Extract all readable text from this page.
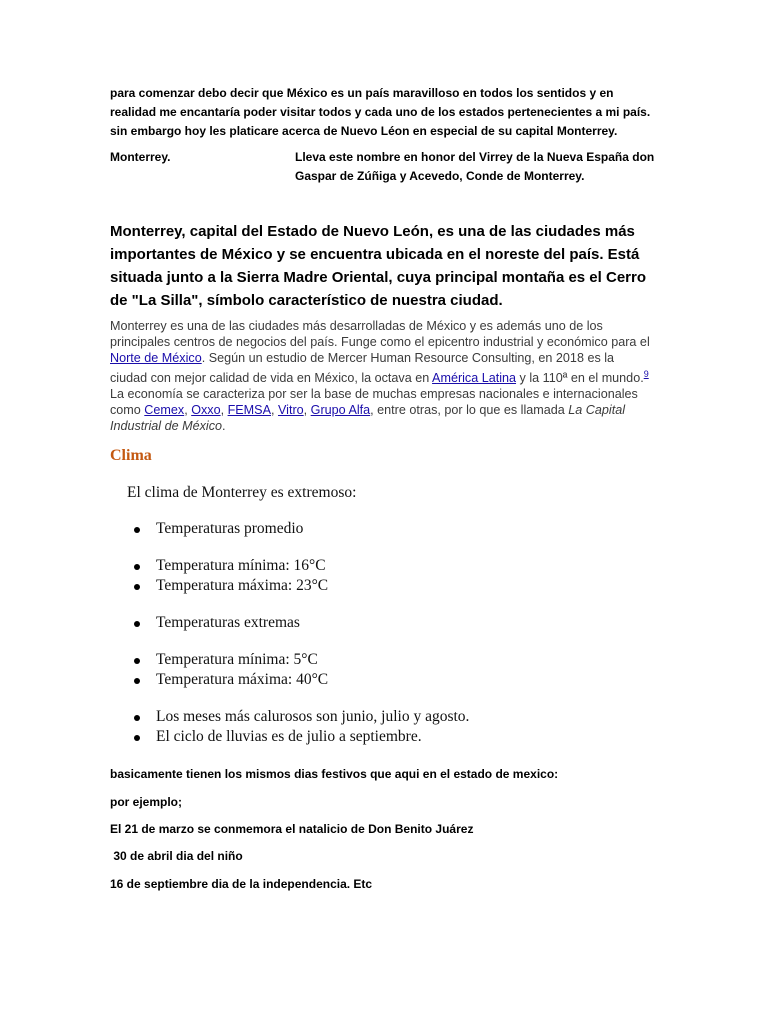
para comenzar debo decir que México es un país maravilloso en todos los sentidos y en
realidad me encantaría poder visitar todos y cada uno de los estados pertenecientes a mi país.
sin embargo hoy les platicare acerca de Nuevo Léon en especial de su capital Monterrey.
Monterrey.	Lleva este nombre en honor del Virrey de la Nueva España don
Gaspar de Zúñiga y Acevedo, Conde de Monterrey.
Monterrey, capital del Estado de Nuevo León, es una de las ciudades más
importantes de México y se encuentra ubicada en el noreste del país. Está
situada junto a la Sierra Madre Oriental, cuya principal montaña es el Cerro
de "La Silla", símbolo característico de nuestra ciudad.
Monterrey es una de las ciudades más desarrolladas de México y es además uno de los principales centros de negocios del país. Funge como el epicentro industrial y económico para el Norte de México. Según un estudio de Mercer Human Resource Consulting, en 2018 es la ciudad con mejor calidad de vida en México, la octava en América Latina y la 110ª en el mundo.$^9$ La economía se caracteriza por ser la base de muchas empresas nacionales e internacionales como Cemex, Oxxo, FEMSA, Vitro, Grupo Alfa, entre otras, por lo que es llamada La Capital Industrial de México.
Clima
El clima de Monterrey es extremoso:
Temperaturas promedio
Temperatura mínima: 16°C
Temperatura máxima: 23°C
Temperaturas extremas
Temperatura mínima: 5°C
Temperatura máxima: 40°C
Los meses más calurosos son junio, julio y agosto.
El ciclo de lluvias es de julio a septiembre.
basicamente tienen los mismos dias festivos que aqui en el estado de mexico:
por ejemplo;
El 21 de marzo se conmemora el natalicio de Don Benito Juárez
30 de abril dia del niño
16 de septiembre dia de la independencia. Etc
